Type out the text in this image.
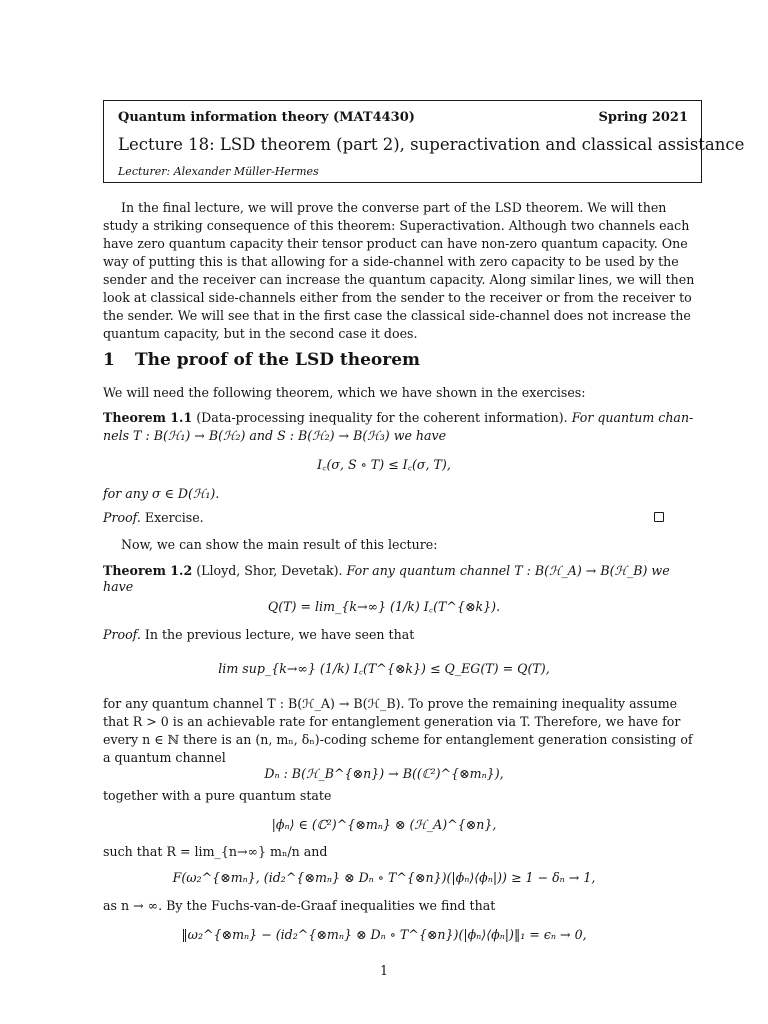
Quantum information theory (MAT4430)	Spring 2021
Lecture 18: LSD theorem (part 2), superactivation and classical assistance
Lecturer: Alexander Müller-Hermes
In the final lecture, we will prove the converse part of the LSD theorem. We will then
study a striking consequence of this theorem: Superactivation. Although two channels each
have zero quantum capacity their tensor product can have non-zero quantum capacity. One
way of putting this is that allowing for a side-channel with zero capacity to be used by the
sender and the receiver can increase the quantum capacity. Along similar lines, we will then
look at classical side-channels either from the sender to the receiver or from the receiver to
the sender. We will see that in the first case the classical side-channel does not increase the
quantum capacity, but in the second case it does.
1 The proof of the LSD theorem
We will need the following theorem, which we have shown in the exercises:
Theorem 1.1 (Data-processing inequality for the coherent information). For quantum chan-
nels T : B(ℋ₁) → B(ℋ₂) and S : B(ℋ₂) → B(ℋ₃) we have
I꜀(σ, S ∘ T) ≤ I꜀(σ, T),
for any σ ∈ D(ℋ₁).
Proof. Exercise.
Now, we can show the main result of this lecture:
Theorem 1.2 (Lloyd, Shor, Devetak). For any quantum channel T : B(ℋ_A) → B(ℋ_B) we
have
Q(T) = lim_{k→∞} (1/k) I꜀(T^{⊗k}).
Proof. In the previous lecture, we have seen that
lim sup_{k→∞} (1/k) I꜀(T^{⊗k}) ≤ Q_EG(T) = Q(T),
for any quantum channel T : B(ℋ_A) → B(ℋ_B). To prove the remaining inequality assume
that R > 0 is an achievable rate for entanglement generation via T. Therefore, we have for
every n ∈ ℕ there is an (n, mₙ, δₙ)-coding scheme for entanglement generation consisting of
a quantum channel
Dₙ : B(ℋ_B^{⊗n}) → B((ℂ²)^{⊗mₙ}),
together with a pure quantum state
|ϕₙ⟩ ∈ (ℂ²)^{⊗mₙ} ⊗ (ℋ_A)^{⊗n},
such that R = lim_{n→∞} mₙ/n and
F(ω₂^{⊗mₙ}, (id₂^{⊗mₙ} ⊗ Dₙ ∘ T^{⊗n})(|ϕₙ⟩⟨ϕₙ|)) ≥ 1 − δₙ → 1,
as n → ∞. By the Fuchs-van-de-Graaf inequalities we find that
‖ω₂^{⊗mₙ} − (id₂^{⊗mₙ} ⊗ Dₙ ∘ T^{⊗n})(|ϕₙ⟩⟨ϕₙ|)‖₁ = ϵₙ → 0,
1
